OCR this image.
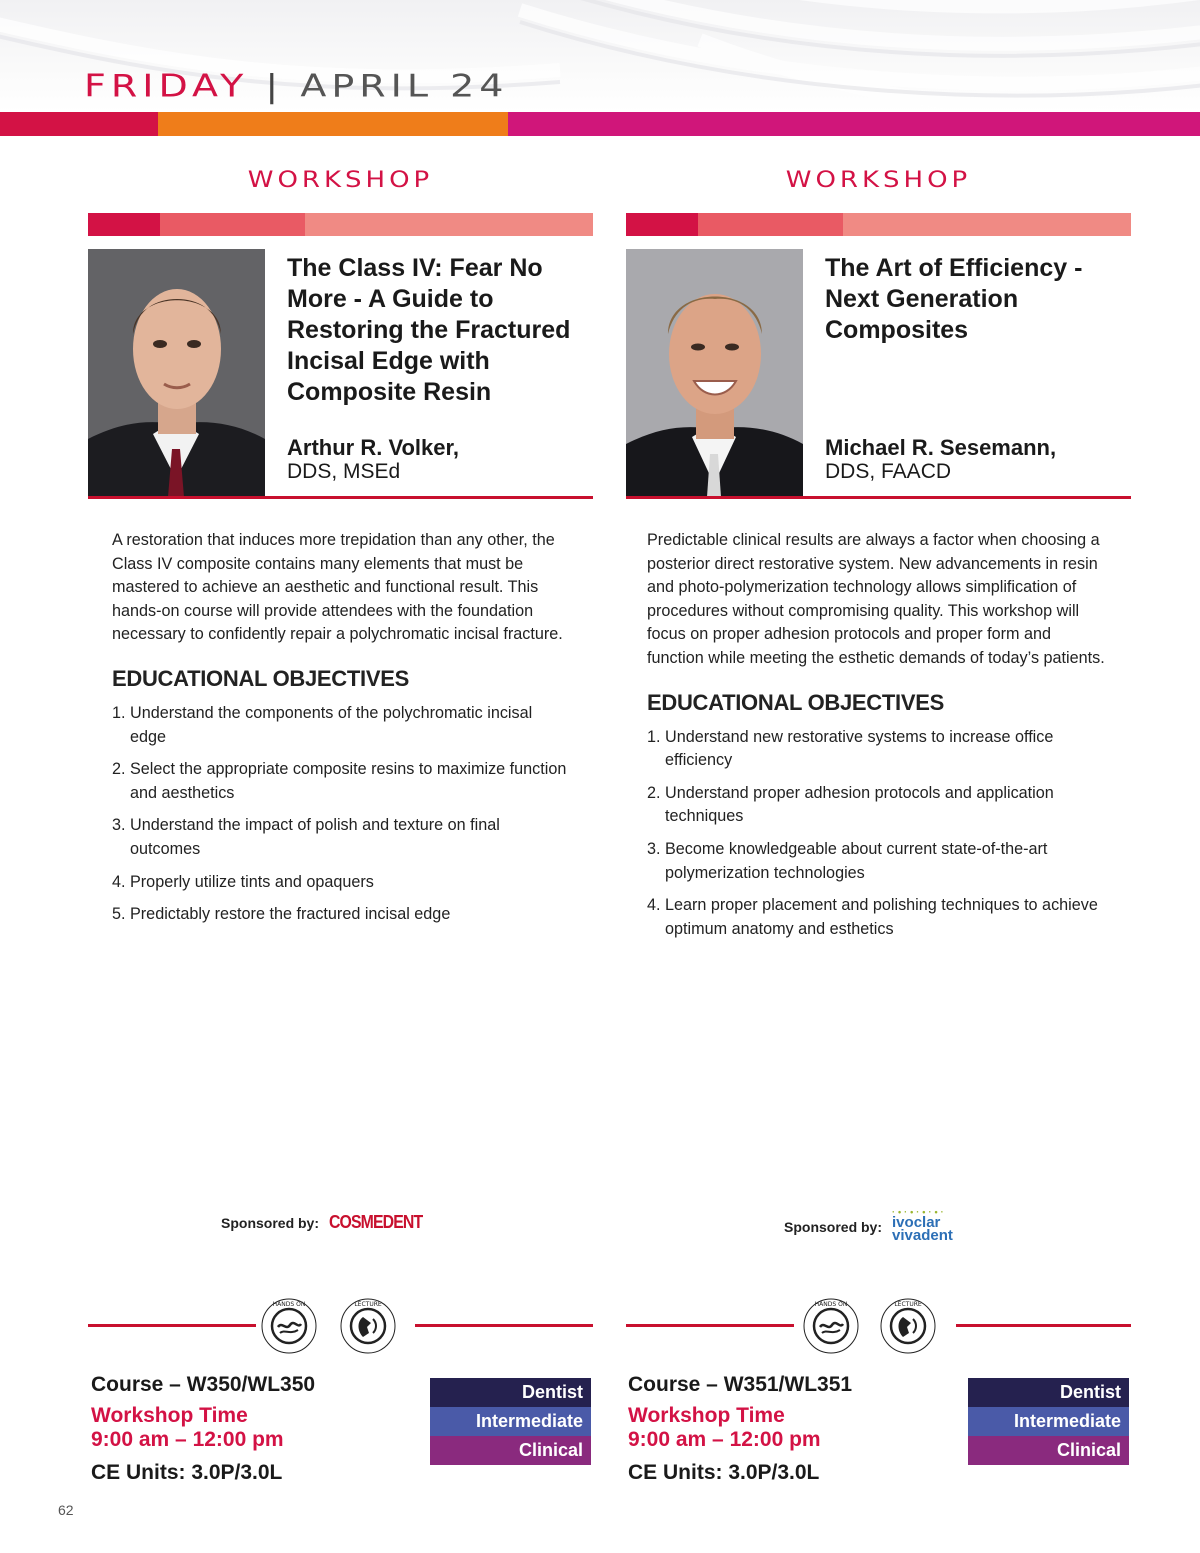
FRIDAY | APRIL 24
WORKSHOP
The Class IV: Fear No More - A Guide to Restoring the Fractured Incisal Edge with Composite Resin
Arthur R. Volker,
DDS, MSEd

A restoration that induces more trepidation than any other, the Class IV composite contains many elements that must be mastered to achieve an aesthetic and functional result. This hands-on course will provide attendees with the foundation necessary to confidently repair a polychromatic incisal fracture.

EDUCATIONAL OBJECTIVES
1. Understand the components of the polychromatic incisal edge
2. Select the appropriate composite resins to maximize function and aesthetics
3. Understand the impact of polish and texture on final outcomes
4. Properly utilize tints and opaquers
5. Predictably restore the fractured incisal edge
WORKSHOP
The Art of Efficiency - Next Generation Composites
Michael R. Sesemann,
DDS, FAACD

Predictable clinical results are always a factor when choosing a posterior direct restorative system. New advancements in resin and photo-polymerization technology allows simplification of procedures without compromising quality. This workshop will focus on proper adhesion protocols and proper form and function while meeting the esthetic demands of today’s patients.

EDUCATIONAL OBJECTIVES
1. Understand new restorative systems to increase office efficiency
2. Understand proper adhesion protocols and application techniques
3. Become knowledgeable about current state-of-the-art polymerization technologies
4. Learn proper placement and polishing techniques to achieve optimum anatomy and esthetics
Sponsored by: COSMEDENT	Sponsored by:
·•·•·•·•·
ivoclar
vivadent
HANDS ON	LECTURE	HANDS ON	LECTURE
Course – W350/WL350
Workshop Time
9:00 am – 12:00 pm
CE Units: 3.0P/3.0L
Dentist
Intermediate
Clinical
Course – W351/WL351
Workshop Time
9:00 am – 12:00 pm
CE Units: 3.0P/3.0L
Dentist
Intermediate
Clinical
62
